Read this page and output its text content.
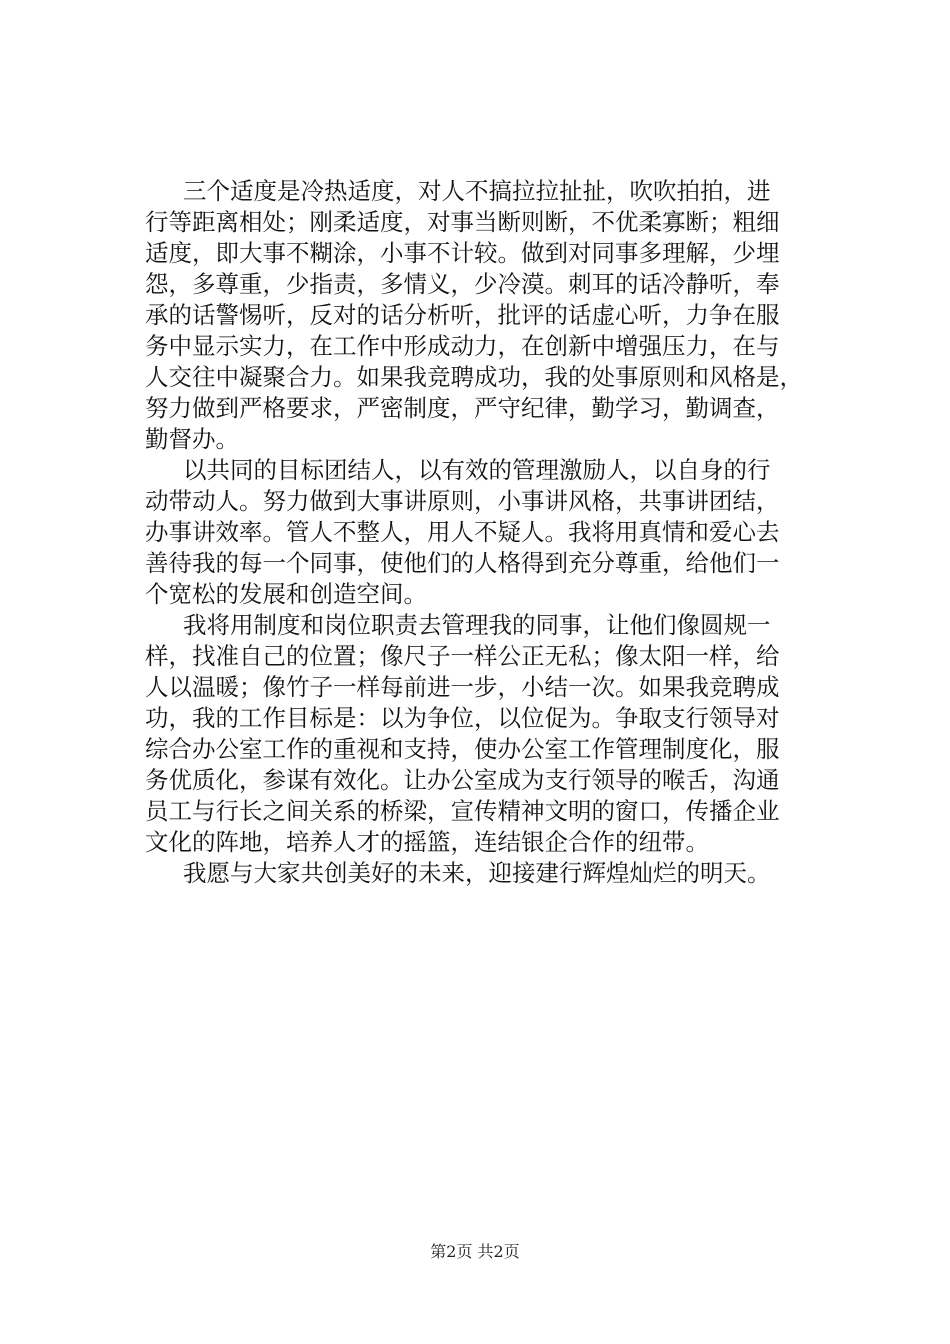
三个适度是冷热适度，对人不搞拉拉扯扯，吹吹拍拍，进
行等距离相处；刚柔适度，对事当断则断，不优柔寡断；粗细
适度，即大事不糊涂，小事不计较。做到对同事多理解，少埋
怨，多尊重，少指责，多情义，少冷漠。刺耳的话冷静听，奉
承的话警惕听，反对的话分析听，批评的话虚心听，力争在服
务中显示实力，在工作中形成动力，在创新中增强压力，在与
人交往中凝聚合力。如果我竞聘成功，我的处事原则和风格是，
努力做到严格要求，严密制度，严守纪律，勤学习，勤调查，
勤督办。
以共同的目标团结人，以有效的管理激励人，以自身的行
动带动人。努力做到大事讲原则，小事讲风格，共事讲团结，
办事讲效率。管人不整人，用人不疑人。我将用真情和爱心去
善待我的每一个同事，使他们的人格得到充分尊重，给他们一
个宽松的发展和创造空间。
我将用制度和岗位职责去管理我的同事，让他们像圆规一
样，找准自己的位置；像尺子一样公正无私；像太阳一样，给
人以温暖；像竹子一样每前进一步，小结一次。如果我竞聘成
功，我的工作目标是：以为争位，以位促为。争取支行领导对
综合办公室工作的重视和支持，使办公室工作管理制度化，服
务优质化，参谋有效化。让办公室成为支行领导的喉舌，沟通
员工与行长之间关系的桥梁，宣传精神文明的窗口，传播企业
文化的阵地，培养人才的摇篮，连结银企合作的纽带。
我愿与大家共创美好的未来，迎接建行辉煌灿烂的明天。
第2页 共2页
